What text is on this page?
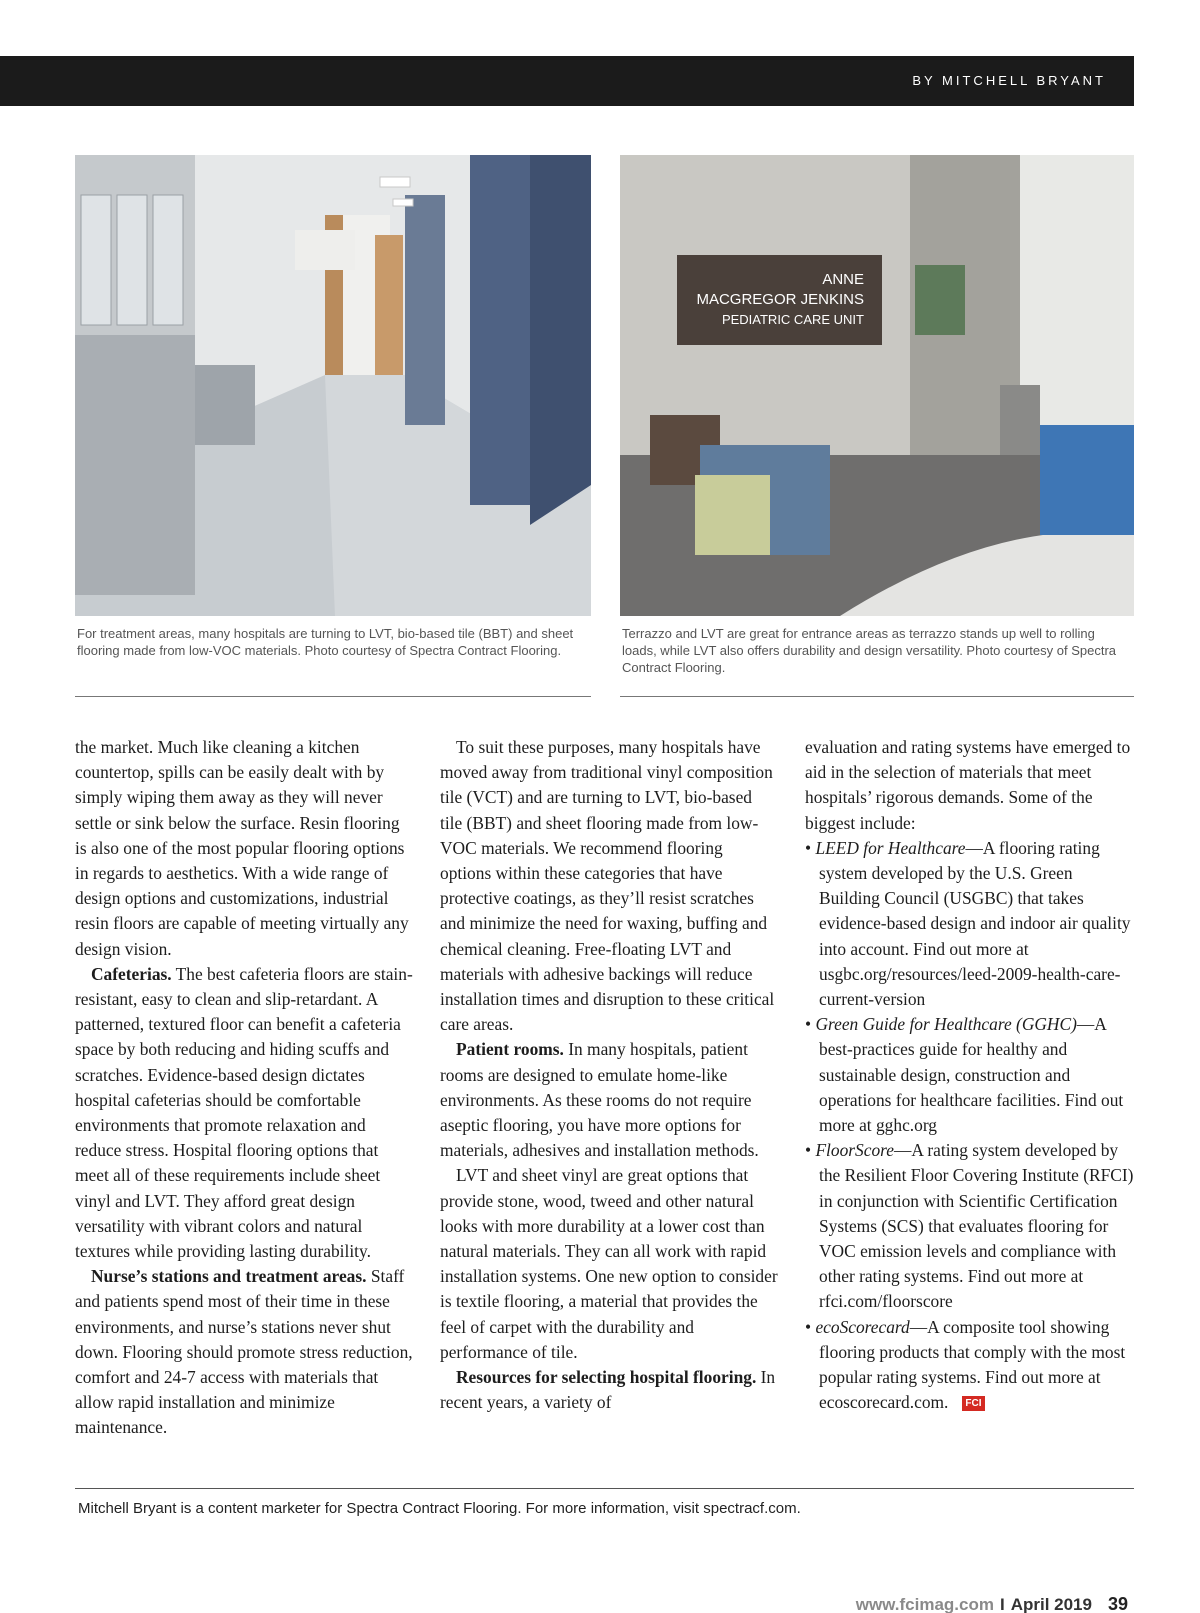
BY MITCHELL BRYANT
ANNE
MACGREGOR JENKINS
PEDIATRIC CARE UNIT
For treatment areas, many hospitals are turning to LVT, bio-based tile (BBT) and sheet flooring made from low-VOC materials. Photo courtesy of Spectra Contract Flooring.
Terrazzo and LVT are great for entrance areas as terrazzo stands up well to rolling loads, while LVT also offers durability and design versatility. Photo courtesy of Spectra Contract Flooring.

the market. Much like cleaning a kitchen countertop, spills can be easily dealt with by simply wiping them away as they will never settle or sink below the surface. Resin flooring is also one of the most popular flooring options in regards to aesthetics. With a wide range of design options and customizations, industrial resin floors are capable of meeting virtually any design vision.

Cafeterias. The best cafeteria floors are stain-resistant, easy to clean and slip-retardant. A patterned, textured floor can benefit a cafeteria space by both reducing and hiding scuffs and scratches. Evidence-based design dictates hospital cafeterias should be comfortable environments that promote relaxation and reduce stress. Hospital flooring options that meet all of these requirements include sheet vinyl and LVT. They afford great design versatility with vibrant colors and natural textures while providing lasting durability.

Nurse’s stations and treatment areas. Staff and patients spend most of their time in these environments, and nurse’s stations never shut down. Flooring should promote stress reduction, comfort and 24-7 access with materials that allow rapid installation and minimize maintenance.

To suit these purposes, many hospitals have moved away from traditional vinyl composition tile (VCT) and are turning to LVT, bio-based tile (BBT) and sheet flooring made from low-VOC materials. We recommend flooring options within these categories that have protective coatings, as they’ll resist scratches and minimize the need for waxing, buffing and chemical cleaning. Free-floating LVT and materials with adhesive backings will reduce installation times and disruption to these critical care areas.

Patient rooms. In many hospitals, patient rooms are designed to emulate home-like environments. As these rooms do not require aseptic flooring, you have more options for materials, adhesives and installation methods.

LVT and sheet vinyl are great options that provide stone, wood, tweed and other natural looks with more durability at a lower cost than natural materials. They can all work with rapid installation systems. One new option to consider is textile flooring, a material that provides the feel of carpet with the durability and performance of tile.

Resources for selecting hospital flooring. In recent years, a variety of

evaluation and rating systems have emerged to aid in the selection of materials that meet hospitals’ rigorous demands. Some of the biggest include:

• LEED for Healthcare—A flooring rating system developed by the U.S. Green Building Council (USGBC) that takes evidence-based design and indoor air quality into account. Find out more at usgbc.org/resources/leed-2009-health-care-current-version

• Green Guide for Healthcare (GGHC)—A best-practices guide for healthy and sustainable design, construction and operations for healthcare facilities. Find out more at gghc.org

• FloorScore—A rating system developed by the Resilient Floor Covering Institute (RFCI) in conjunction with Scientific Certification Systems (SCS) that evaluates flooring for VOC emission levels and compliance with other rating systems. Find out more at rfci.com/floorscore

• ecoScorecard—A composite tool showing flooring products that comply with the most popular rating systems. Find out more at ecoscorecard.com. FCI

Mitchell Bryant is a content marketer for Spectra Contract Flooring. For more information, visit spectracf.com.
www.fcimag.com I April 2019 39
